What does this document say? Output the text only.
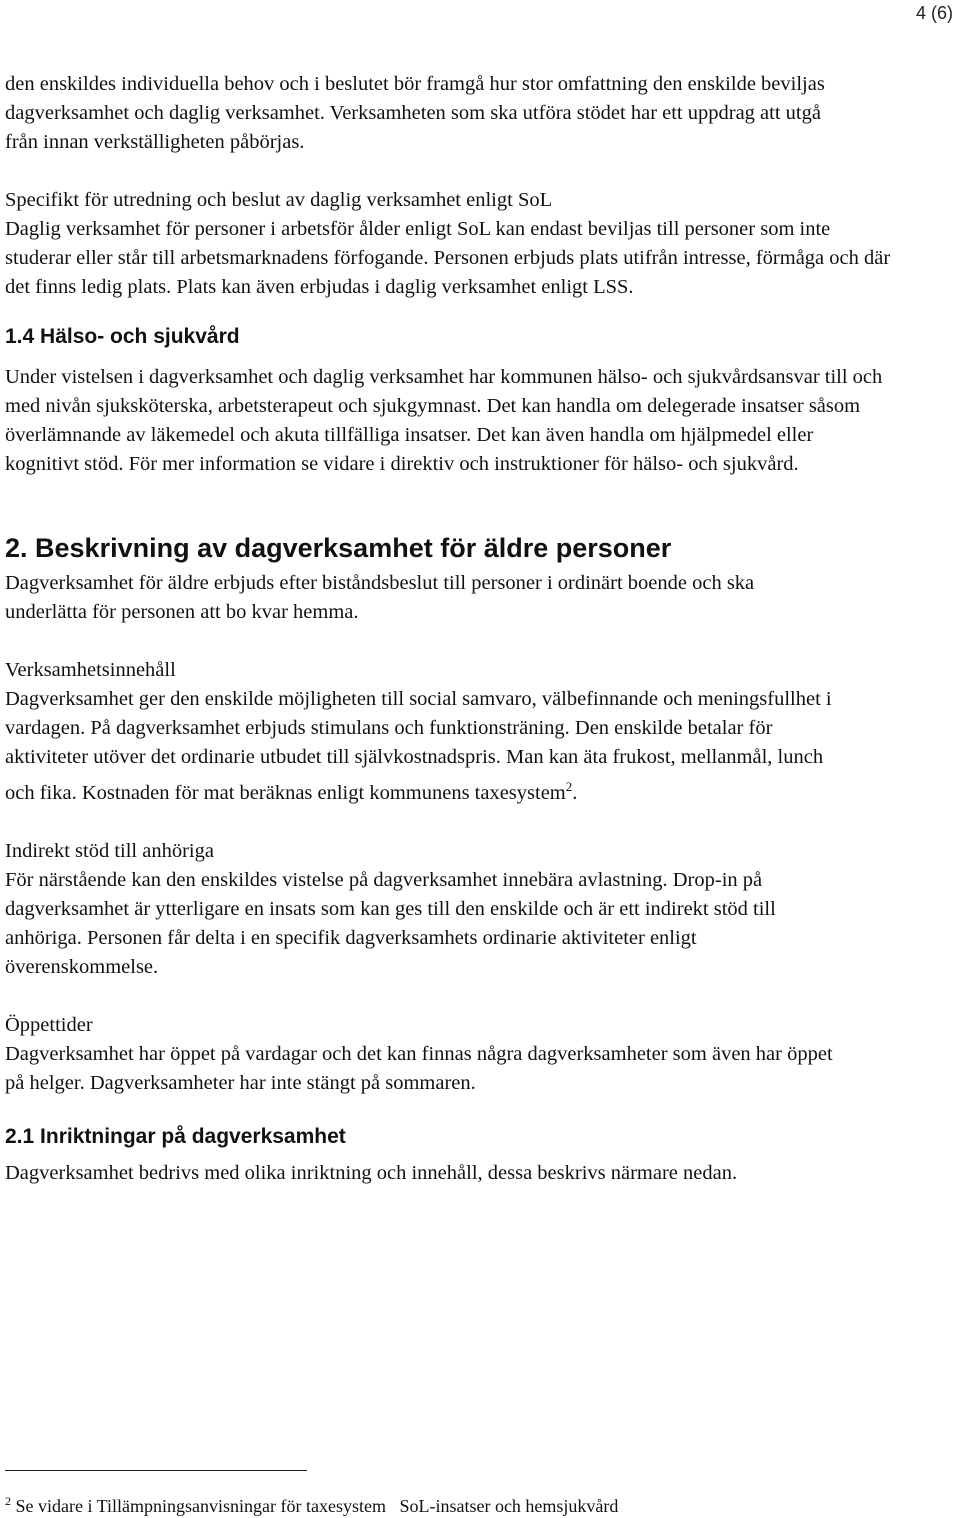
4 (6)

den enskildes individuella behov och i beslutet bör framgå hur stor omfattning den enskilde beviljas dagverksamhet och daglig verksamhet. Verksamheten som ska utföra stödet har ett uppdrag att utgå från innan verkställigheten påbörjas.

Specifikt för utredning och beslut av daglig verksamhet enligt SoL

Daglig verksamhet för personer i arbetsför ålder enligt SoL kan endast beviljas till personer som inte studerar eller står till arbetsmarknadens förfogande. Personen erbjuds plats utifrån intresse, förmåga och där det finns ledig plats. Plats kan även erbjudas i daglig verksamhet enligt LSS.

1.4 Hälso- och sjukvård

Under vistelsen i dagverksamhet och daglig verksamhet har kommunen hälso- och sjukvårdsansvar till och med nivån sjuksköterska, arbetsterapeut och sjukgymnast. Det kan handla om delegerade insatser såsom överlämnande av läkemedel och akuta tillfälliga insatser. Det kan även handla om hjälpmedel eller kognitivt stöd. För mer information se vidare i direktiv och instruktioner för hälso- och sjukvård.

2. Beskrivning av dagverksamhet för äldre personer

Dagverksamhet för äldre erbjuds efter biståndsbeslut till personer i ordinärt boende och ska underlätta för personen att bo kvar hemma.

Verksamhetsinnehåll

Dagverksamhet ger den enskilde möjligheten till social samvaro, välbefinnande och meningsfullhet i vardagen. På dagverksamhet erbjuds stimulans och funktionsträning. Den enskilde betalar för aktiviteter utöver det ordinarie utbudet till självkostnadspris. Man kan äta frukost, mellanmål, lunch och fika. Kostnaden för mat beräknas enligt kommunens taxesystem$^2$.

Indirekt stöd till anhöriga

För närstående kan den enskildes vistelse på dagverksamhet innebära avlastning. Drop-in på dagverksamhet är ytterligare en insats som kan ges till den enskilde och är ett indirekt stöd till anhöriga. Personen får delta i en specifik dagverksamhets ordinarie aktiviteter enligt överenskommelse.

Öppettider

Dagverksamhet har öppet på vardagar och det kan finnas några dagverksamheter som även har öppet på helger. Dagverksamheter har inte stängt på sommaren.

2.1 Inriktningar på dagverksamhet

Dagverksamhet bedrivs med olika inriktning och innehåll, dessa beskrivs närmare nedan.

$^2$ Se vidare i Tillämpningsanvisningar för taxesystem   SoL-insatser och hemsjukvård
